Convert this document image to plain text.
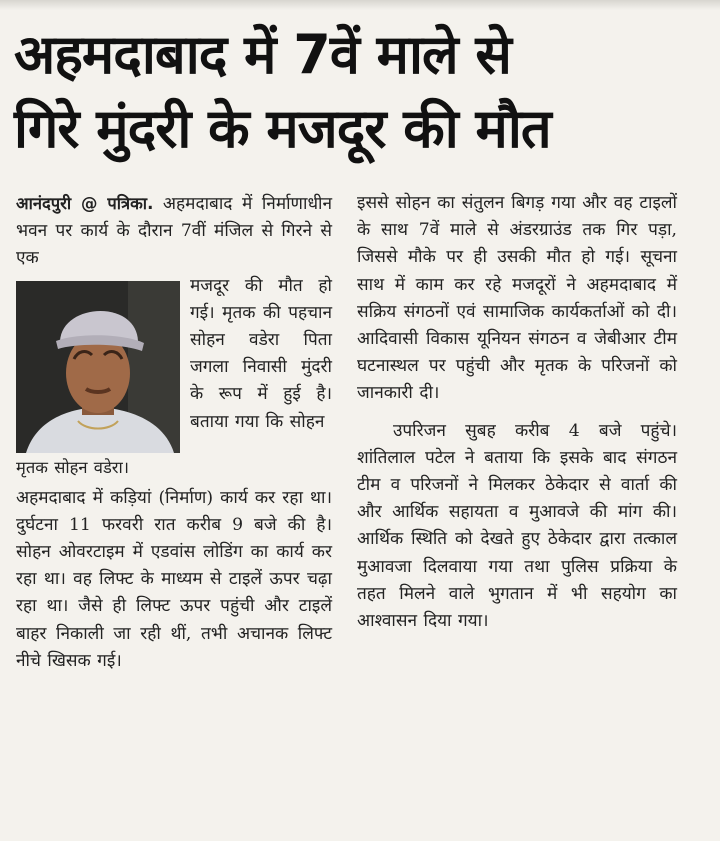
अहमदाबाद में 7वें माले से
गिरे मुंदरी के मजदूर की मौत

आनंदपुरी @ पत्रिका. अहमदाबाद में निर्माणाधीन भवन पर कार्य के दौरान 7वीं मंजिल से गिरने से एक

मृतक सोहन वडेरा।

मजदूर की मौत हो गई। मृतक की पहचान सोहन वडेरा पिता जगला निवासी मुंदरी के रूप में हुई है। बताया गया कि सोहन

अहमदाबाद में कड़ियां (निर्माण) कार्य कर रहा था। दुर्घटना 11 फरवरी रात करीब 9 बजे की है। सोहन ओवरटाइम में एडवांस लोडिंग का कार्य कर रहा था। वह लिफ्ट के माध्यम से टाइलें ऊपर चढ़ा रहा था। जैसे ही लिफ्ट ऊपर पहुंची और टाइलें बाहर निकाली जा रही थीं, तभी अचानक लिफ्ट नीचे खिसक गई।

इससे सोहन का संतुलन बिगड़ गया और वह टाइलों के साथ 7वें माले से अंडरग्राउंड तक गिर पड़ा, जिससे मौके पर ही उसकी मौत हो गई। सूचना साथ में काम कर रहे मजदूरों ने अहमदाबाद में सक्रिय संगठनों एवं सामाजिक कार्यकर्ताओं को दी। आदिवासी विकास यूनियन संगठन व जेबीआर टीम घटनास्थल पर पहुंची और मृतक के परिजनों को जानकारी दी।

उपरिजन सुबह करीब 4 बजे पहुंचे। शांतिलाल पटेल ने बताया कि इसके बाद संगठन टीम व परिजनों ने मिलकर ठेकेदार से वार्ता की और आर्थिक सहायता व मुआवजे की मांग की। आर्थिक स्थिति को देखते हुए ठेकेदार द्वारा तत्काल मुआवजा दिलवाया गया तथा पुलिस प्रक्रिया के तहत मिलने वाले भुगतान में भी सहयोग का आश्वासन दिया गया।
